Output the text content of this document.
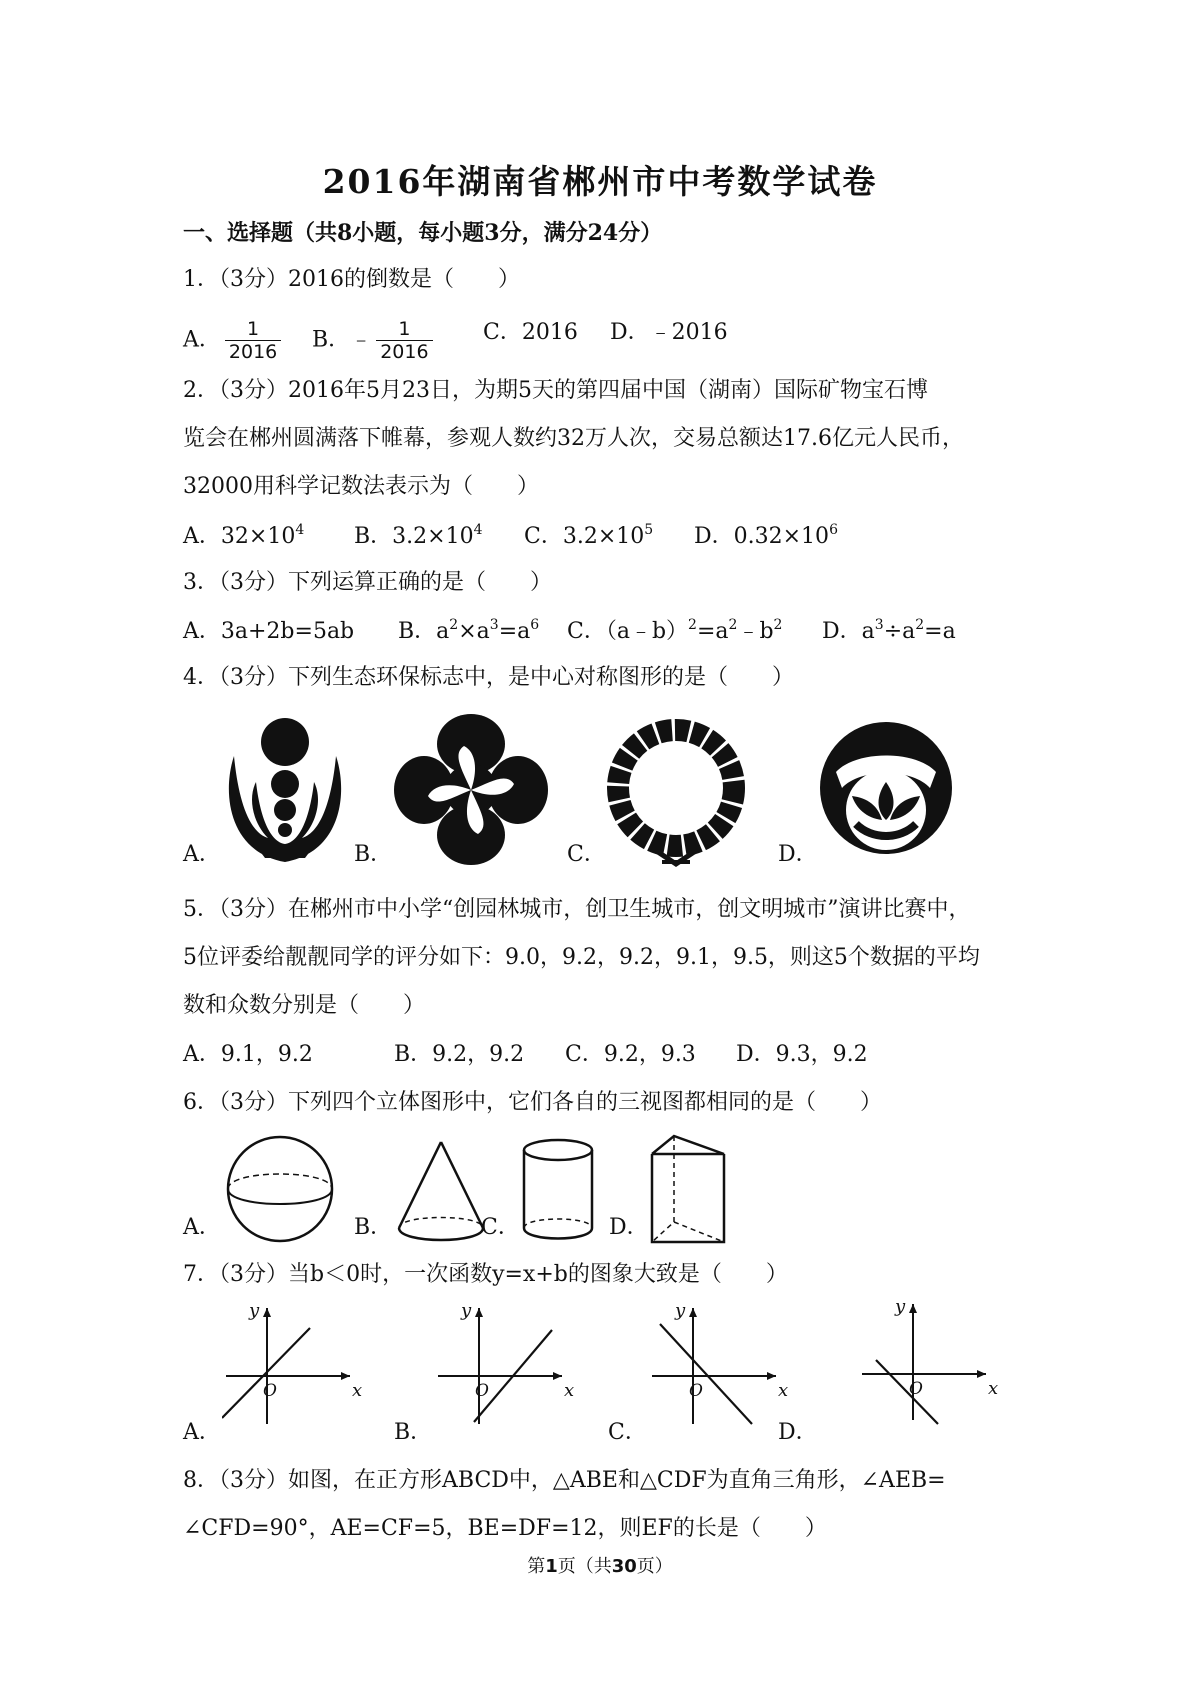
2016年湖南省郴州市中考数学试卷
一、选择题（共8小题，每小题3分，满分24分）
1．（3分）2016的倒数是（　　）
A． $\frac{1}{2016}$ B．﹣ $\frac{1}{2016}$ C．2016 D．﹣2016
2．（3分）2016年5月23日，为期5天的第四届中国（湖南）国际矿物宝石博
览会在郴州圆满落下帷幕，参观人数约32万人次，交易总额达17.6亿元人民币，
32000用科学记数法表示为（　　）
A．$32\times 10^4$ B．$3.2\times 10^4$ C．$3.2\times 10^5$ D．$0.32\times 10^6$
3．（3分）下列运算正确的是（　　）
A．3a+2b=5ab B．$a^2\times a^3=a^6$ C．$(a﹣b)^2=a^2﹣b^2$ D．$a^3\div a^2=a$
4．（3分）下列生态环保标志中，是中心对称图形的是（　　）
A．	B．	C．	D．
5．（3分）在郴州市中小学“创园林城市，创卫生城市，创文明城市”演讲比赛中，
5位评委给靓靓同学的评分如下：9.0，9.2，9.2，9.1，9.5，则这5个数据的平均
数和众数分别是（　　）
A．9.1，9.2	B．9.2，9.2 C．9.2，9.3 D．9.3，9.2
6．（3分）下列四个立体图形中，它们各自的三视图都相同的是（　　）
A．	B．	C．	D．
7．（3分）当b＜0时，一次函数y=x+b的图象大致是（　　）
x
y
O	x
y
O	x
y
O	x
y
O
A．	B．	C．	D．
8．（3分）如图，在正方形ABCD中，△ABE和△CDF为直角三角形，∠AEB=
∠CFD=90°，AE=CF=5，BE=DF=12，则EF的长是（　　）
第1页（共30页）
